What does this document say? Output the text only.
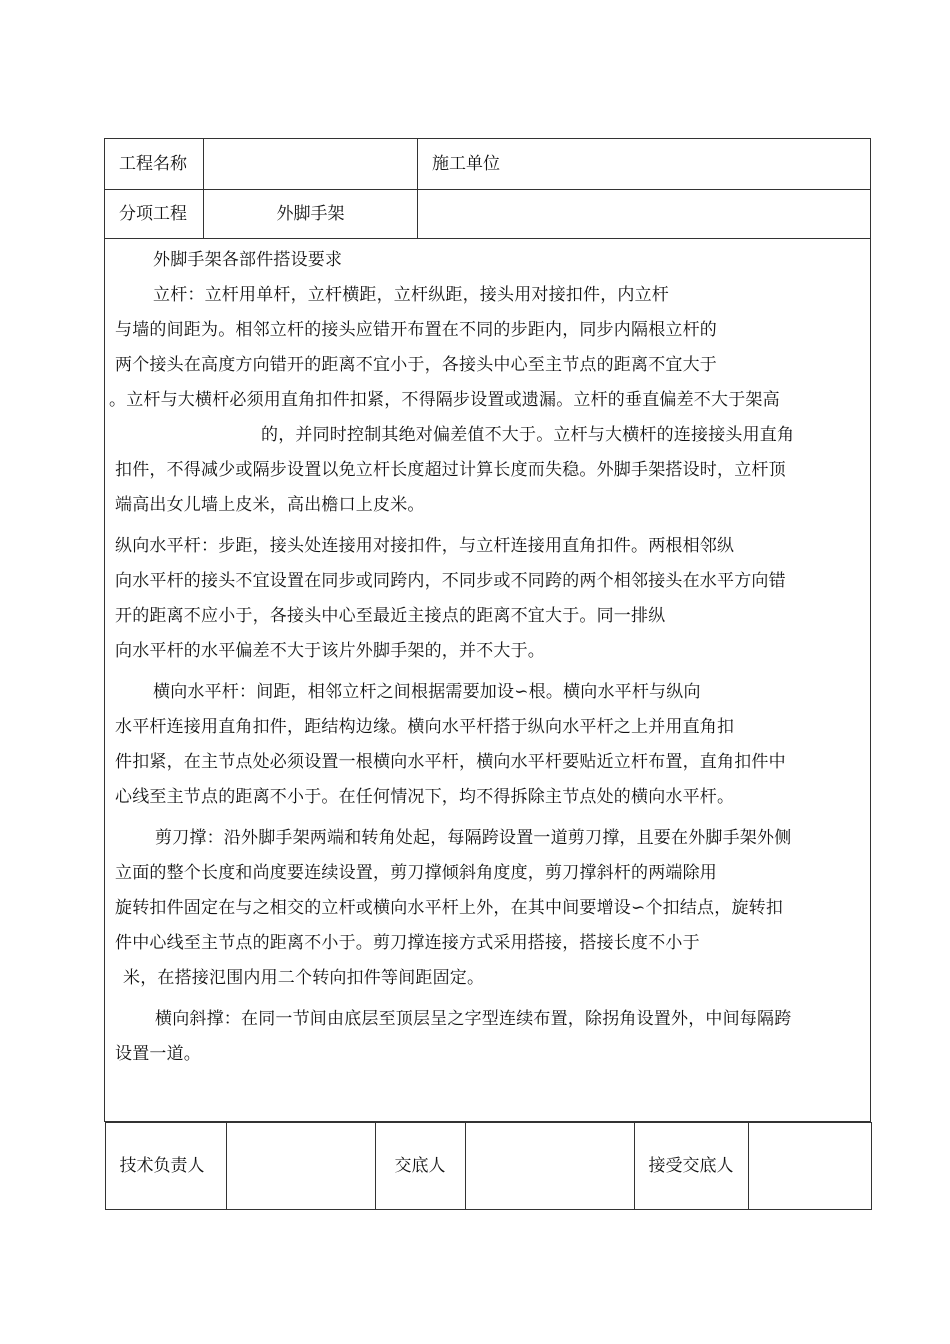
工程名称		施工单位

分项工程	外脚手架

外脚手架各部件搭设要求
立杆：立杆用单杆，立杆横距，立杆纵距，接头用对接扣件，内立杆
与墙的间距为。相邻立杆的接头应错开布置在不同的步距内，同步内隔根立杆的
两个接头在高度方向错开的距离不宜小于，各接头中心至主节点的距离不宜大于
。立杆与大横杆必须用直角扣件扣紧，不得隔步设置或遗漏。立杆的垂直偏差不大于架高
的，并同时控制其绝对偏差值不大于。立杆与大横杆的连接接头用直角
扣件，不得减少或隔步设置以免立杆长度超过计算长度而失稳。外脚手架搭设时，立杆顶
端高出女儿墙上皮米，高出檐口上皮米。
纵向水平杆：步距，接头处连接用对接扣件，与立杆连接用直角扣件。两根相邻纵
向水平杆的接头不宜设置在同步或同跨内，不同步或不同跨的两个相邻接头在水平方向错
开的距离不应小于，各接头中心至最近主接点的距离不宜大于。同一排纵
向水平杆的水平偏差不大于该片外脚手架的，并不大于。
横向水平杆：间距，相邻立杆之间根据需要加设∽根。横向水平杆与纵向
水平杆连接用直角扣件，距结构边缘。横向水平杆搭于纵向水平杆之上并用直角扣
件扣紧，在主节点处必须设置一根横向水平杆，横向水平杆要贴近立杆布置，直角扣件中
心线至主节点的距离不小于。在任何情况下，均不得拆除主节点处的横向水平杆。
剪刀撑：沿外脚手架两端和转角处起，每隔跨设置一道剪刀撑，且要在外脚手架外侧
立面的整个长度和尚度要连续设置，剪刀撑倾斜角度度，剪刀撑斜杆的两端除用
旋转扣件固定在与之相交的立杆或横向水平杆上外，在其中间要增设∽个扣结点，旋转扣
件中心线至主节点的距离不小于。剪刀撑连接方式采用搭接，搭接长度不小于
米，在搭接氾围内用二个转向扣件等间距固定。
横向斜撑：在同一节间由底层至顶层呈之字型连续布置，除拐角设置外，中间每隔跨
设置一道。

技术负责人		交底人		接受交底人
